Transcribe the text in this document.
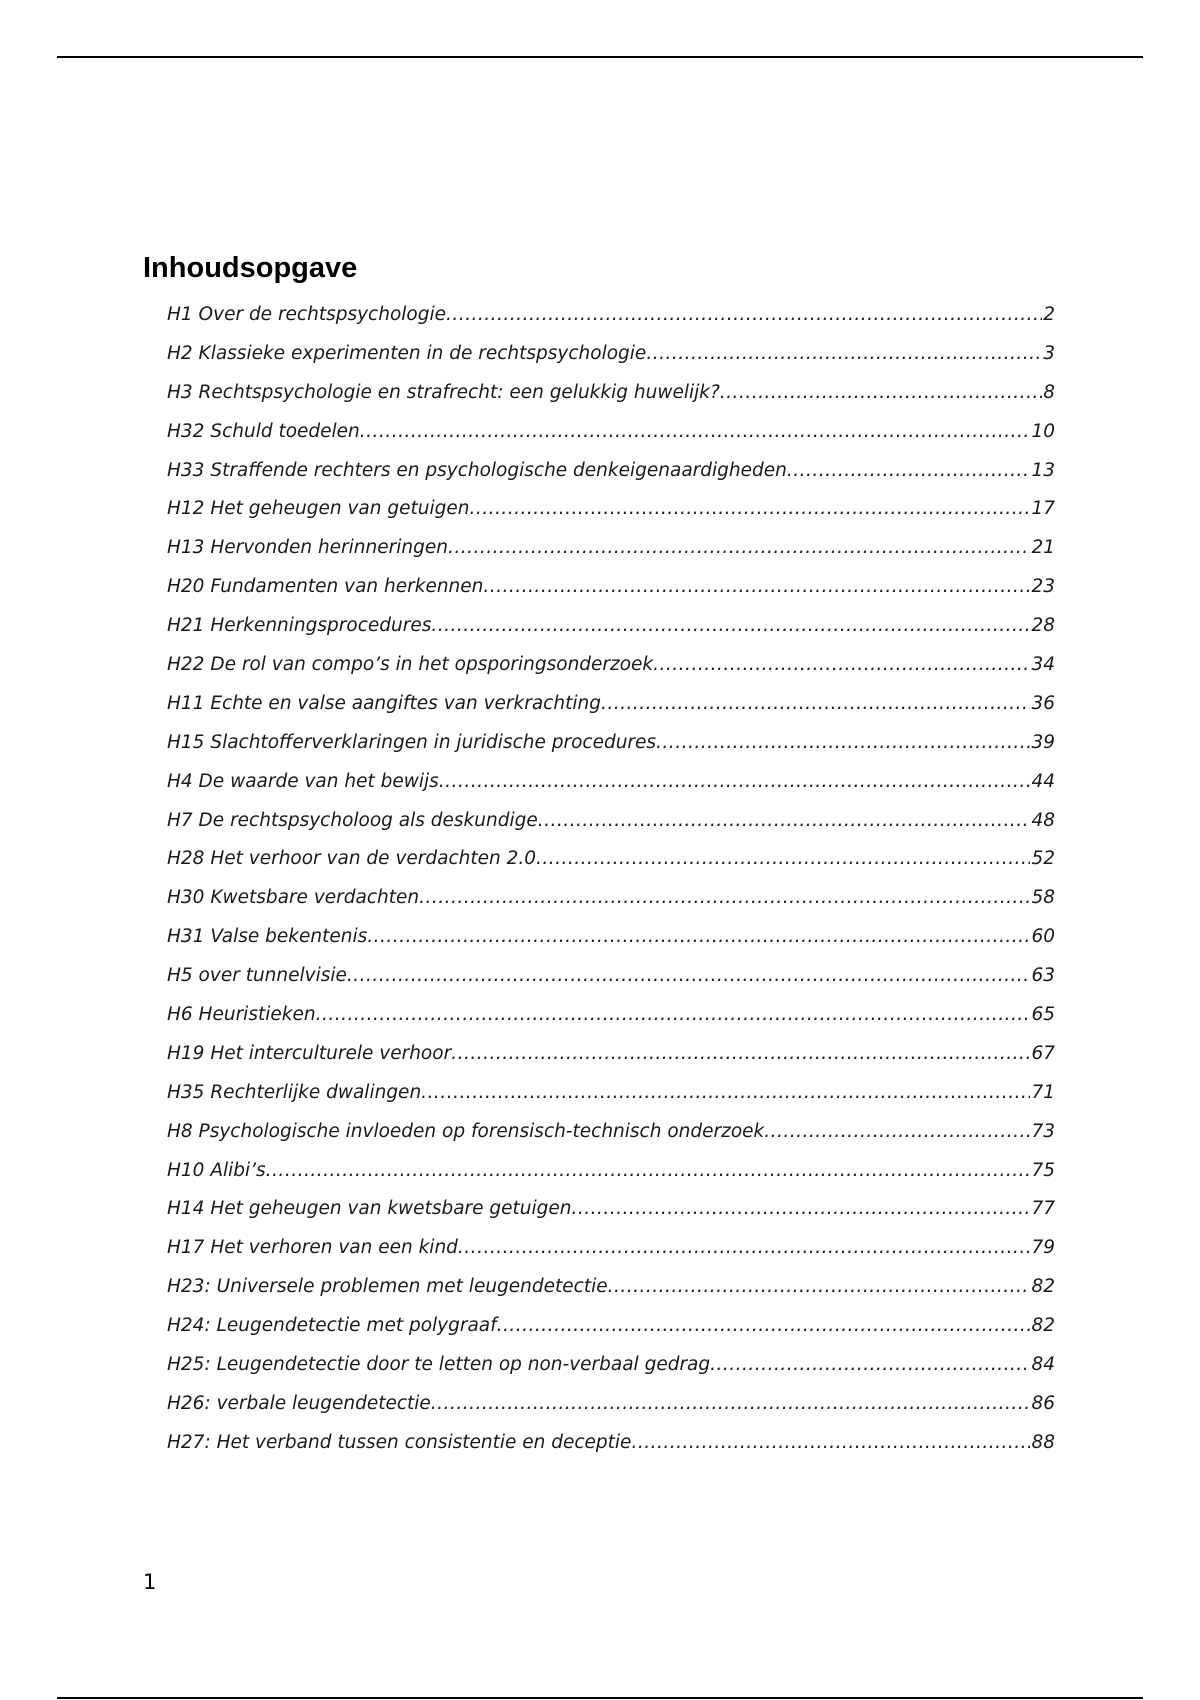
Inhoudsopgave
H1 Over de rechtspsychologie .....	2
H2 Klassieke experimenten in de rechtspsychologie .....	3
H3 Rechtspsychologie en strafrecht: een gelukkig huwelijk? .....	8
H32 Schuld toedelen .....	10
H33 Straffende rechters en psychologische denkeigenaardigheden .....	13
H12 Het geheugen van getuigen .....	17
H13 Hervonden herinneringen .....	21
H20 Fundamenten van herkennen .....	23
H21 Herkenningsprocedures .....	28
H22 De rol van compo’s in het opsporingsonderzoek .....	34
H11 Echte en valse aangiftes van verkrachting .....	36
H15 Slachtofferverklaringen in juridische procedures .....	39
H4 De waarde van het bewijs .....	44
H7 De rechtspsycholoog als deskundige .....	48
H28 Het verhoor van de verdachten 2.0 .....	52
H30 Kwetsbare verdachten .....	58
H31 Valse bekentenis .....	60
H5 over tunnelvisie .....	63
H6 Heuristieken .....	65
H19 Het interculturele verhoor .....	67
H35 Rechterlijke dwalingen .....	71
H8 Psychologische invloeden op forensisch-technisch onderzoek .....	73
H10 Alibi’s .....	75
H14 Het geheugen van kwetsbare getuigen .....	77
H17 Het verhoren van een kind .....	79
H23: Universele problemen met leugendetectie .....	82
H24: Leugendetectie met polygraaf .....	82
H25: Leugendetectie door te letten op non-verbaal gedrag .....	84
H26: verbale leugendetectie .....	86
H27: Het verband tussen consistentie en deceptie .....	88
1
